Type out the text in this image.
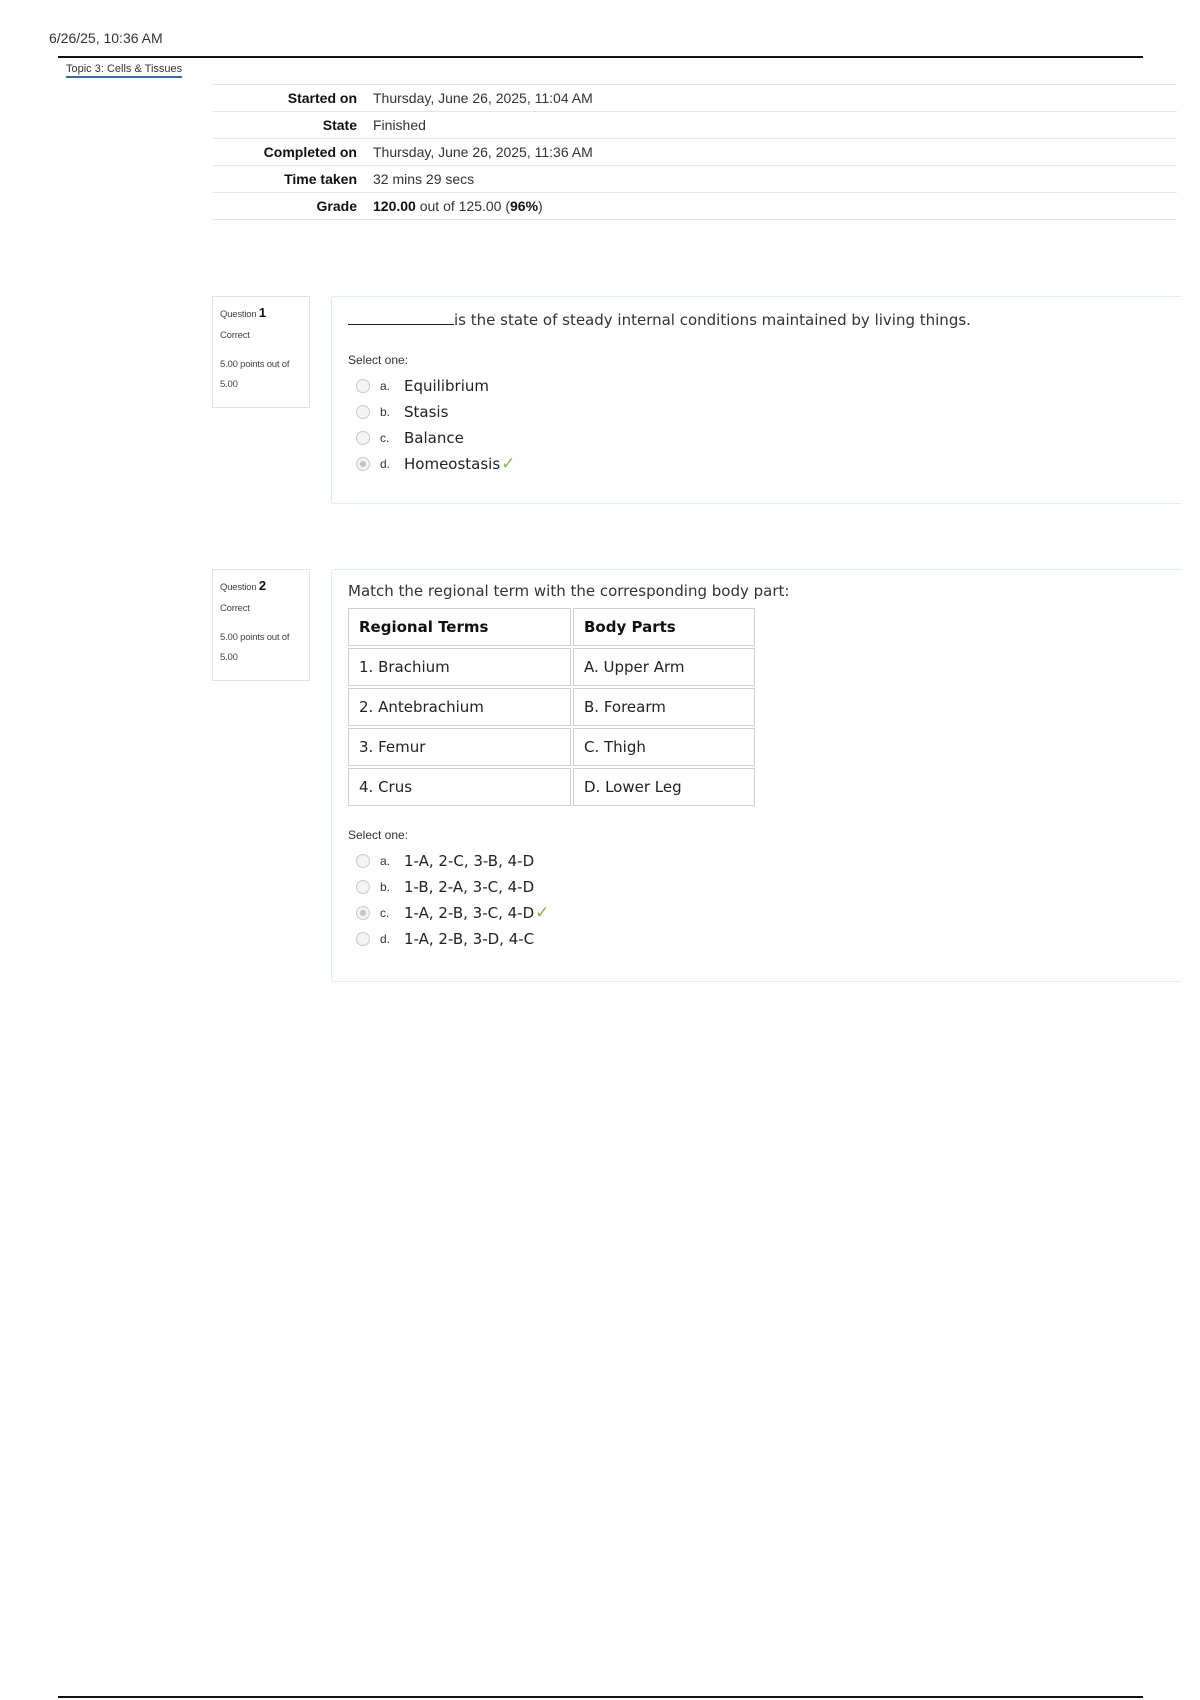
6/26/25, 10:36 AM
Topic 3: Cells & Tissues
Started on	Thursday, June 26, 2025, 11:04 AM
State	Finished
Completed on	Thursday, June 26, 2025, 11:36 AM
Time taken	32 mins 29 secs
Grade	120.00 out of 125.00 (96%)
Question 1
Correct
5.00 points out of 5.00
is the state of steady internal conditions maintained by living things.
Select one:
a. Equilibrium
b. Stasis
c. Balance
d. Homeostasis ✓
Question 2
Correct
5.00 points out of 5.00
Match the regional term with the corresponding body part:
Regional Terms	Body Parts
1. Brachium	A. Upper Arm
2. Antebrachium	B. Forearm
3. Femur	C. Thigh
4. Crus	D. Lower Leg
Select one:
a. 1-A, 2-C, 3-B, 4-D
b. 1-B, 2-A, 3-C, 4-D
c. 1-A, 2-B, 3-C, 4-D ✓
d. 1-A, 2-B, 3-D, 4-C
